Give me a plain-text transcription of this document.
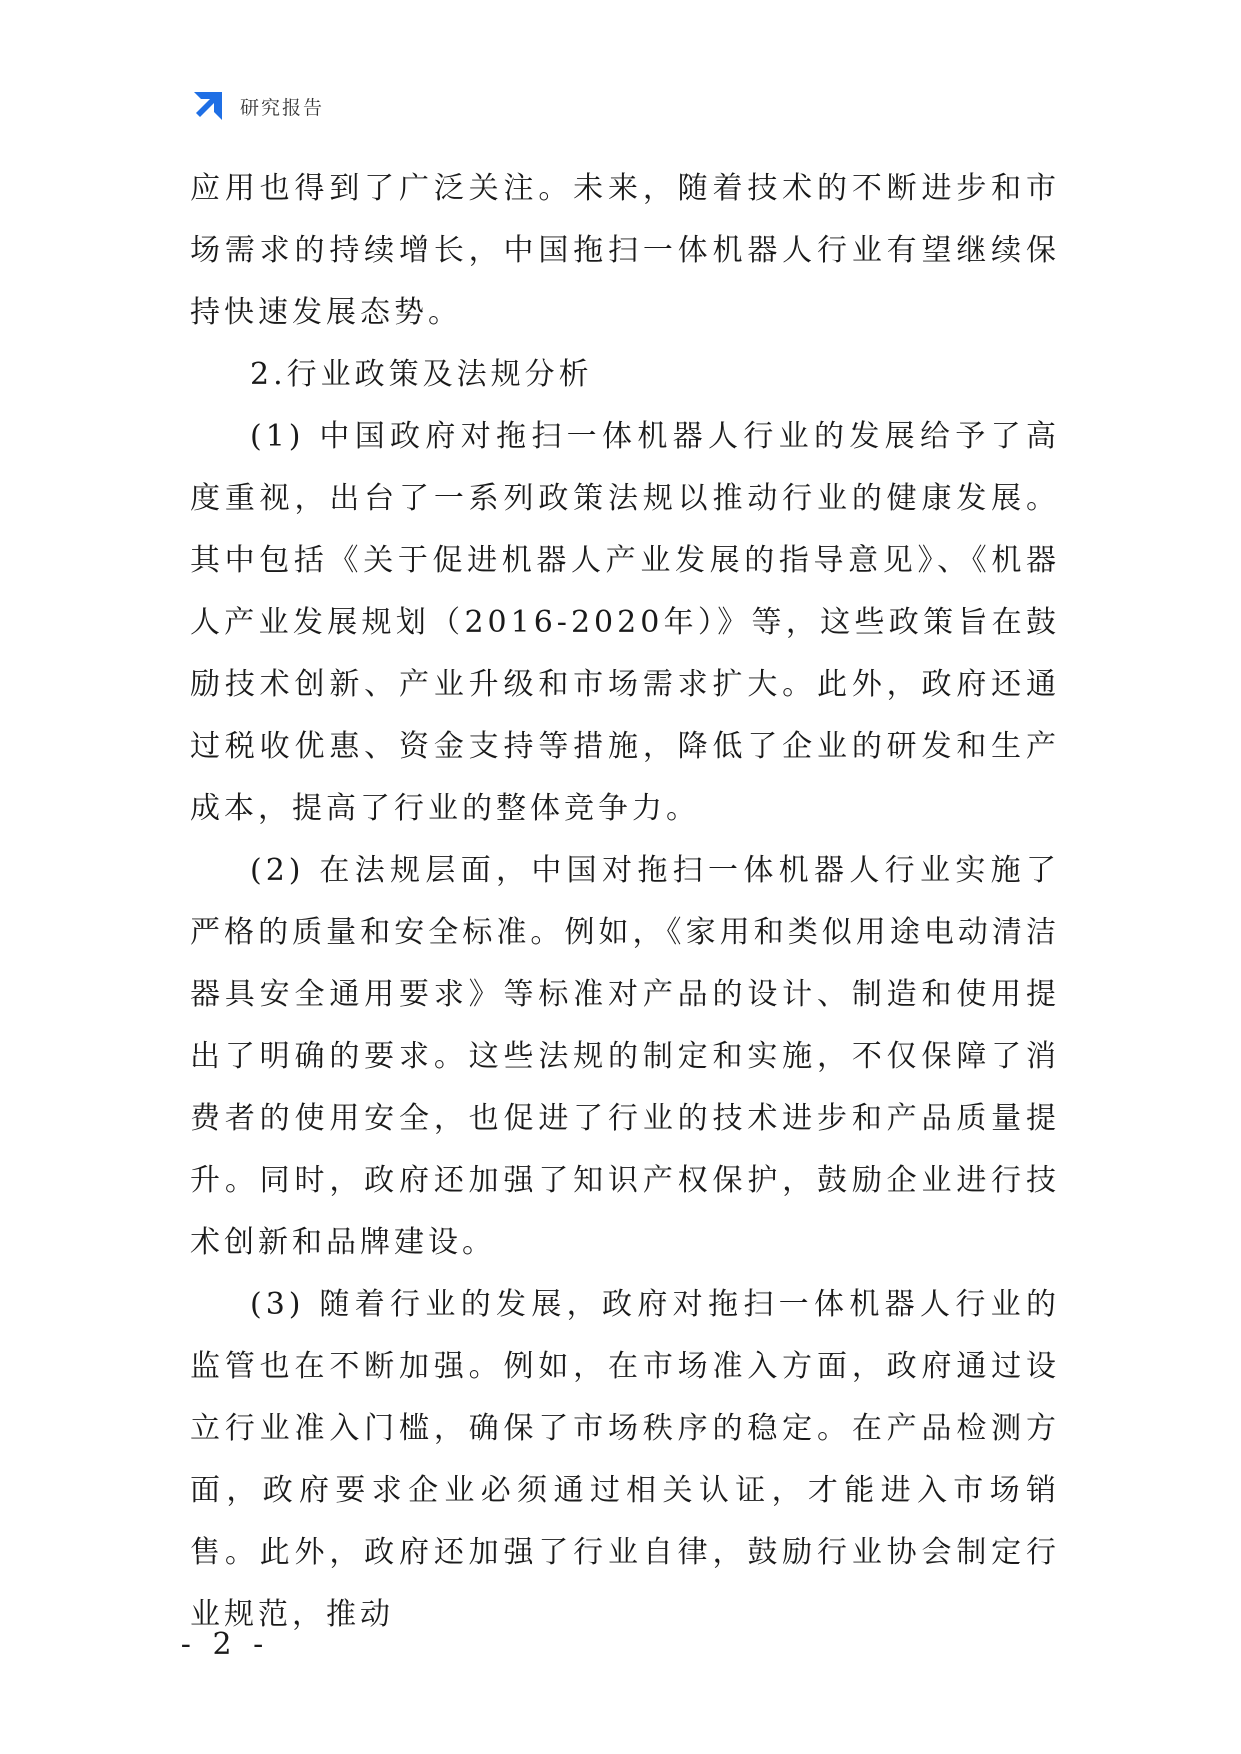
研究报告

应用也得到了广泛关注。未来，随着技术的不断进步和市场需求的持续增长，中国拖扫一体机器人行业有望继续保持快速发展态势。

2.行业政策及法规分析

(1) 中国政府对拖扫一体机器人行业的发展给予了高度重视，出台了一系列政策法规以推动行业的健康发展。其中包括《关于促进机器人产业发展的指导意见》、《机器人产业发展规划（2016-2020年）》等，这些政策旨在鼓励技术创新、产业升级和市场需求扩大。此外，政府还通过税收优惠、资金支持等措施，降低了企业的研发和生产成本，提高了行业的整体竞争力。

(2) 在法规层面，中国对拖扫一体机器人行业实施了严格的质量和安全标准。例如，《家用和类似用途电动清洁器具安全通用要求》等标准对产品的设计、制造和使用提出了明确的要求。这些法规的制定和实施，不仅保障了消费者的使用安全，也促进了行业的技术进步和产品质量提升。同时，政府还加强了知识产权保护，鼓励企业进行技术创新和品牌建设。

(3) 随着行业的发展，政府对拖扫一体机器人行业的监管也在不断加强。例如，在市场准入方面，政府通过设立行业准入门槛，确保了市场秩序的稳定。在产品检测方面，政府要求企业必须通过相关认证，才能进入市场销售。此外，政府还加强了行业自律，鼓励行业协会制定行业规范，推动

- 2 -
